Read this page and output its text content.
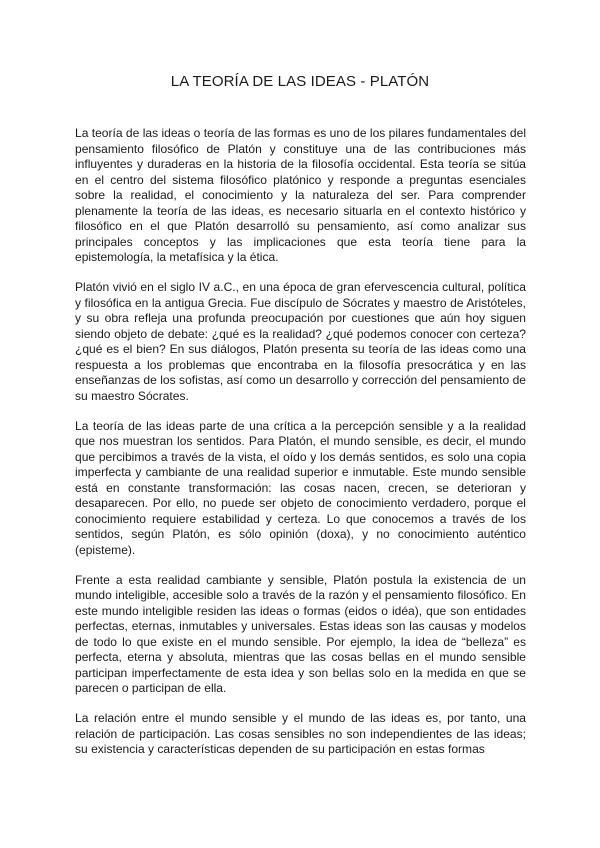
LA TEORÍA DE LAS IDEAS - PLATÓN

La teoría de las ideas o teoría de las formas es uno de los pilares fundamentales del pensamiento filosófico de Platón y constituye una de las contribuciones más influyentes y duraderas en la historia de la filosofía occidental. Esta teoría se sitúa en el centro del sistema filosófico platónico y responde a preguntas esenciales sobre la realidad, el conocimiento y la naturaleza del ser. Para comprender plenamente la teoría de las ideas, es necesario situarla en el contexto histórico y filosófico en el que Platón desarrolló su pensamiento, así como analizar sus principales conceptos y las implicaciones que esta teoría tiene para la epistemología, la metafísica y la ética.

Platón vivió en el siglo IV a.C., en una época de gran efervescencia cultural, política y filosófica en la antigua Grecia. Fue discípulo de Sócrates y maestro de Aristóteles, y su obra refleja una profunda preocupación por cuestiones que aún hoy siguen siendo objeto de debate: ¿qué es la realidad? ¿qué podemos conocer con certeza? ¿qué es el bien? En sus diálogos, Platón presenta su teoría de las ideas como una respuesta a los problemas que encontraba en la filosofía presocrática y en las enseñanzas de los sofistas, así como un desarrollo y corrección del pensamiento de su maestro Sócrates.

La teoría de las ideas parte de una crítica a la percepción sensible y a la realidad que nos muestran los sentidos. Para Platón, el mundo sensible, es decir, el mundo que percibimos a través de la vista, el oído y los demás sentidos, es solo una copia imperfecta y cambiante de una realidad superior e inmutable. Este mundo sensible está en constante transformación: las cosas nacen, crecen, se deterioran y desaparecen. Por ello, no puede ser objeto de conocimiento verdadero, porque el conocimiento requiere estabilidad y certeza. Lo que conocemos a través de los sentidos, según Platón, es sólo opinión (doxa), y no conocimiento auténtico (episteme).

Frente a esta realidad cambiante y sensible, Platón postula la existencia de un mundo inteligible, accesible solo a través de la razón y el pensamiento filosófico. En este mundo inteligible residen las ideas o formas (eidos o idéa), que son entidades perfectas, eternas, inmutables y universales. Estas ideas son las causas y modelos de todo lo que existe en el mundo sensible. Por ejemplo, la idea de “belleza” es perfecta, eterna y absoluta, mientras que las cosas bellas en el mundo sensible participan imperfectamente de esta idea y son bellas solo en la medida en que se parecen o participan de ella.

La relación entre el mundo sensible y el mundo de las ideas es, por tanto, una relación de participación. Las cosas sensibles no son independientes de las ideas; su existencia y características dependen de su participación en estas formas
